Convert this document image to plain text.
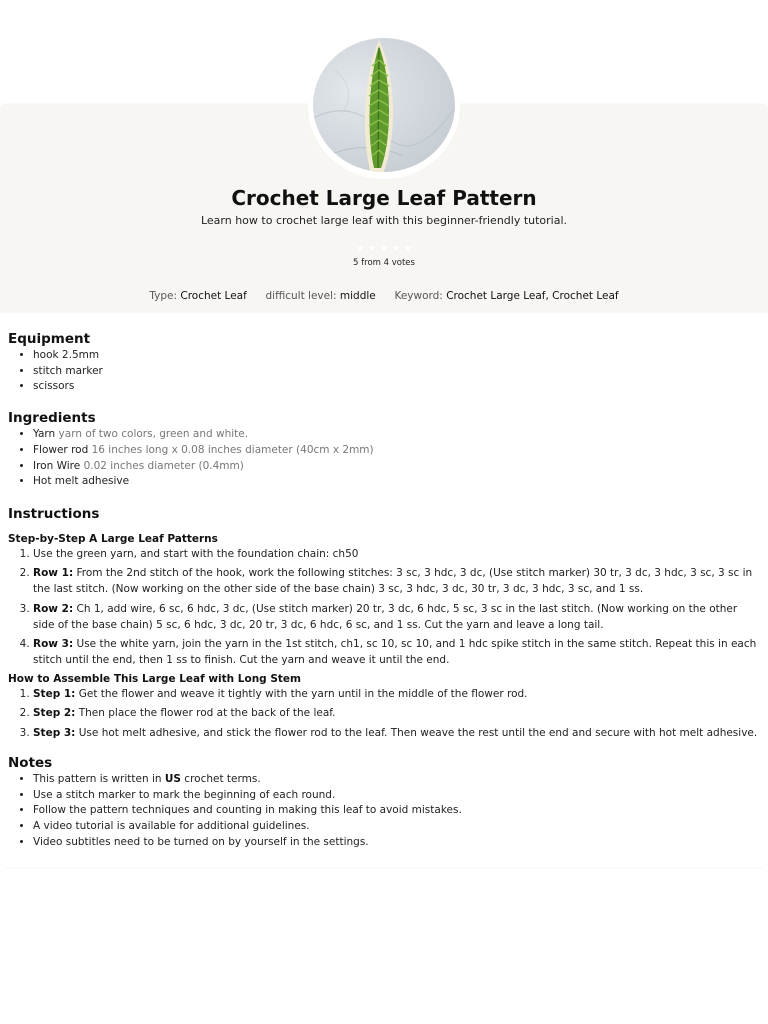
Crochet Large Leaf Pattern
Learn how to crochet large leaf with this beginner-friendly tutorial.
★ ★ ★ ★ ★
5 from 4 votes
Type: Crochet Leaf difficult level: middle Keyword: Crochet Large Leaf, Crochet Leaf
Equipment
• hook 2.5mm
• stitch marker
• scissors
Ingredients
• Yarn yarn of two colors, green and white.
• Flower rod 16 inches long x 0.08 inches diameter (40cm x 2mm)
• Iron Wire 0.02 inches diameter (0.4mm)
• Hot melt adhesive
Instructions
Step-by-Step A Large Leaf Patterns
1. Use the green yarn, and start with the foundation chain: ch50
2. Row 1: From the 2nd stitch of the hook, work the following stitches: 3 sc, 3 hdc, 3 dc, (Use stitch marker) 30 tr, 3 dc, 3 hdc, 3 sc, 3 sc in the last stitch. (Now working on the other side of the base chain) 3 sc, 3 hdc, 3 dc, 30 tr, 3 dc, 3 hdc, 3 sc, and 1 ss.
3. Row 2: Ch 1, add wire, 6 sc, 6 hdc, 3 dc, (Use stitch marker) 20 tr, 3 dc, 6 hdc, 5 sc, 3 sc in the last stitch. (Now working on the other side of the base chain) 5 sc, 6 hdc, 3 dc, 20 tr, 3 dc, 6 hdc, 6 sc, and 1 ss. Cut the yarn and leave a long tail.
4. Row 3: Use the white yarn, join the yarn in the 1st stitch, ch1, sc 10, sc 10, and 1 hdc spike stitch in the same stitch. Repeat this in each stitch until the end, then 1 ss to finish. Cut the yarn and weave it until the end.
How to Assemble This Large Leaf with Long Stem
1. Step 1: Get the flower and weave it tightly with the yarn until in the middle of the flower rod.
2. Step 2: Then place the flower rod at the back of the leaf.
3. Step 3: Use hot melt adhesive, and stick the flower rod to the leaf. Then weave the rest until the end and secure with hot melt adhesive.
Notes
• This pattern is written in US crochet terms.
• Use a stitch marker to mark the beginning of each round.
• Follow the pattern techniques and counting in making this leaf to avoid mistakes.
• A video tutorial is available for additional guidelines.
• Video subtitles need to be turned on by yourself in the settings.
